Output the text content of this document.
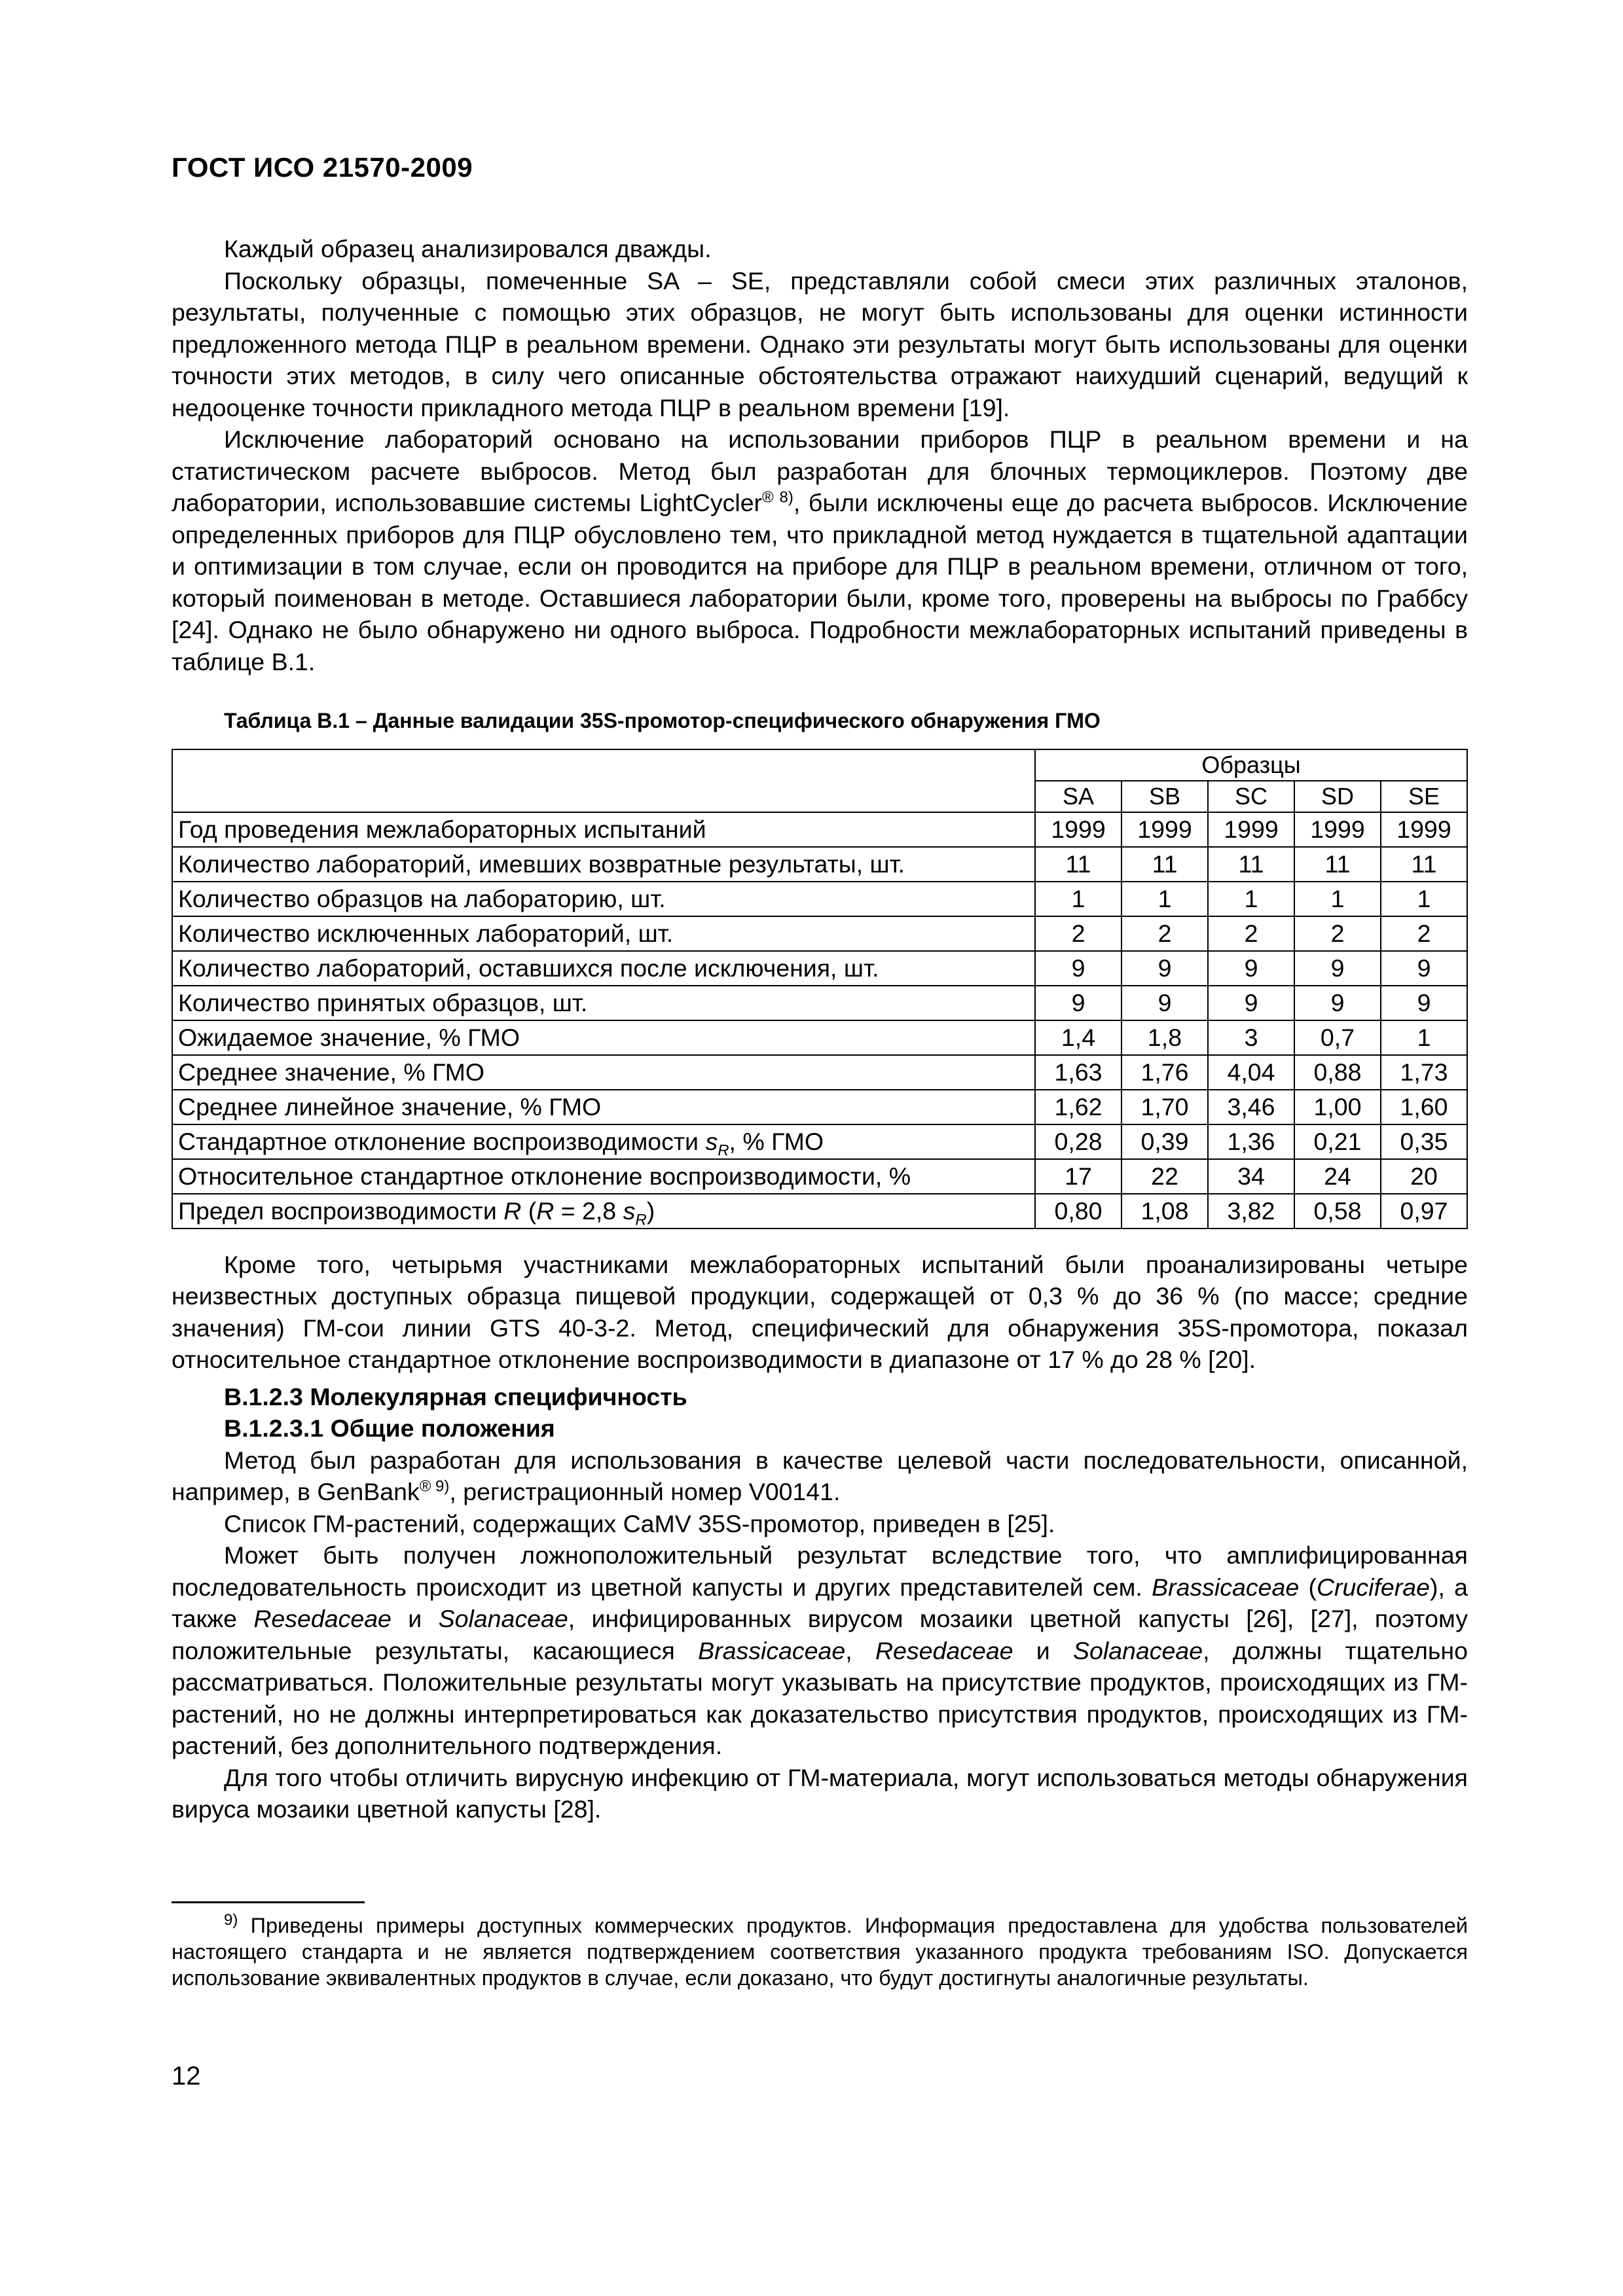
ГОСТ ИСО 21570-2009

Каждый образец анализировался дважды.

Поскольку образцы, помеченные SA – SE, представляли собой смеси этих различных эталонов, результаты, полученные с помощью этих образцов, не могут быть использованы для оценки истинности предложенного метода ПЦР в реальном времени. Однако эти результаты могут быть использованы для оценки точности этих методов, в силу чего описанные обстоятельства отражают наихудший сценарий, ведущий к недооценке точности прикладного метода ПЦР в реальном времени [19].

Исключение лабораторий основано на использовании приборов ПЦР в реальном времени и на статистическом расчете выбросов. Метод был разработан для блочных термоциклеров. Поэтому две лаборатории, использовавшие системы LightCycler$^{® 8)}$, были исключены еще до расчета выбросов. Исключение определенных приборов для ПЦР обусловлено тем, что прикладной метод нуждается в тщательной адаптации и оптимизации в том случае, если он проводится на приборе для ПЦР в реальном времени, отличном от того, который поименован в методе. Оставшиеся лаборатории были, кроме того, проверены на выбросы по Граббсу [24]. Однако не было обнаружено ни одного выброса. Подробности межлабораторных испытаний приведены в таблице В.1.

Таблица В.1 – Данные валидации 35S-промотор-специфического обнаружения ГМО
	Образцы				
	SA	SB	SC	SD	SE
Год проведения межлабораторных испытаний	1999	1999	1999	1999	1999
Количество лабораторий, имевших возвратные результаты, шт.	11	11	11	11	11
Количество образцов на лабораторию, шт.	1	1	1	1	1
Количество исключенных лабораторий, шт.	2	2	2	2	2
Количество лабораторий, оставшихся после исключения, шт.	9	9	9	9	9
Количество принятых образцов, шт.	9	9	9	9	9
Ожидаемое значение, % ГМО	1,4	1,8	3	0,7	1
Среднее значение, % ГМО	1,63	1,76	4,04	0,88	1,73
Среднее линейное значение, % ГМО	1,62	1,70	3,46	1,00	1,60
Стандартное отклонение воспроизводимости $s_R$, % ГМО	0,28	0,39	1,36	0,21	0,35
Относительное стандартное отклонение воспроизводимости, %	17	22	34	24	20
Предел воспроизводимости R (R = 2,8 $s_R$)	0,80	1,08	3,82	0,58	0,97

Кроме того, четырьмя участниками межлабораторных испытаний были проанализированы четыре неизвестных доступных образца пищевой продукции, содержащей от 0,3 % до 36 % (по массе; средние значения) ГМ-сои линии GTS 40-3-2. Метод, специфический для обнаружения 35S-промотора, показал относительное стандартное отклонение воспроизводимости в диапазоне от 17 % до 28 % [20].

В.1.2.3 Молекулярная специфичность
В.1.2.3.1 Общие положения

Метод был разработан для использования в качестве целевой части последовательности, описанной, например, в GenBank$^{® 9)}$, регистрационный номер V00141.

Список ГМ-растений, содержащих CaMV 35S-промотор, приведен в [25].

Может быть получен ложноположительный результат вследствие того, что амплифицированная последовательность происходит из цветной капусты и других представителей сем. Brassicaceae (Cruciferae), а также Resedaceae и Solanaceae, инфицированных вирусом мозаики цветной капусты [26], [27], поэтому положительные результаты, касающиеся Brassicaceae, Resedaceae и Solanaceae, должны тщательно рассматриваться. Положительные результаты могут указывать на присутствие продуктов, происходящих из ГМ-растений, но не должны интерпретироваться как доказательство присутствия продуктов, происходящих из ГМ-растений, без дополнительного подтверждения.

Для того чтобы отличить вирусную инфекцию от ГМ-материала, могут использоваться методы обнаружения вируса мозаики цветной капусты [28].

$^{9)}$ Приведены примеры доступных коммерческих продуктов. Информация предоставлена для удобства пользователей настоящего стандарта и не является подтверждением соответствия указанного продукта требованиям ISO. Допускается использование эквивалентных продуктов в случае, если доказано, что будут достигнуты аналогичные результаты.

12
